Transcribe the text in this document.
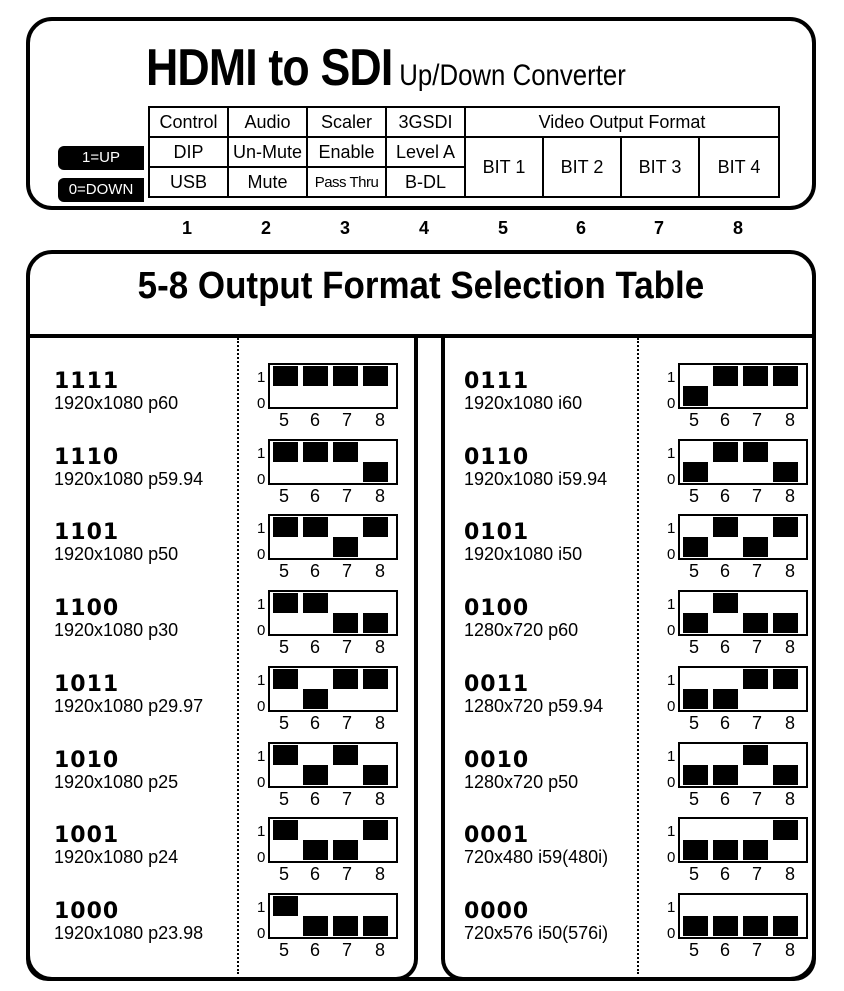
HDMI to SDI Up/Down Converter
Control	Audio	Scaler	3GSDI	Video Output Format			
DIP	Un-Mute	Enable	Level A	BIT 1	BIT 2	BIT 3	BIT 4
USB	Mute	Pass Thru	B-DL				
1=UP
0=DOWN
1	2	3	4	5	6	7	8
5-8 Output Format Selection Table
1111
1920x1080 p60
1
0
5 6 7 8
1110
1920x1080 p59.94
1
0
5 6 7 8
1101
1920x1080 p50
1
0
5 6 7 8
1100
1920x1080 p30
1
0
5 6 7 8
1011
1920x1080 p29.97
1
0
5 6 7 8
1010
1920x1080 p25
1
0
5 6 7 8
1001
1920x1080 p24
1
0
5 6 7 8
1000
1920x1080 p23.98
1
0
5 6 7 8
0111
1920x1080 i60
1
0
5 6 7 8
0110
1920x1080 i59.94
1
0
5 6 7 8
0101
1920x1080 i50
1
0
5 6 7 8
0100
1280x720 p60
1
0
5 6 7 8
0011
1280x720 p59.94
1
0
5 6 7 8
0010
1280x720 p50
1
0
5 6 7 8
0001
720x480 i59(480i)
1
0
5 6 7 8
0000
720x576 i50(576i)
1
0
5 6 7 8
